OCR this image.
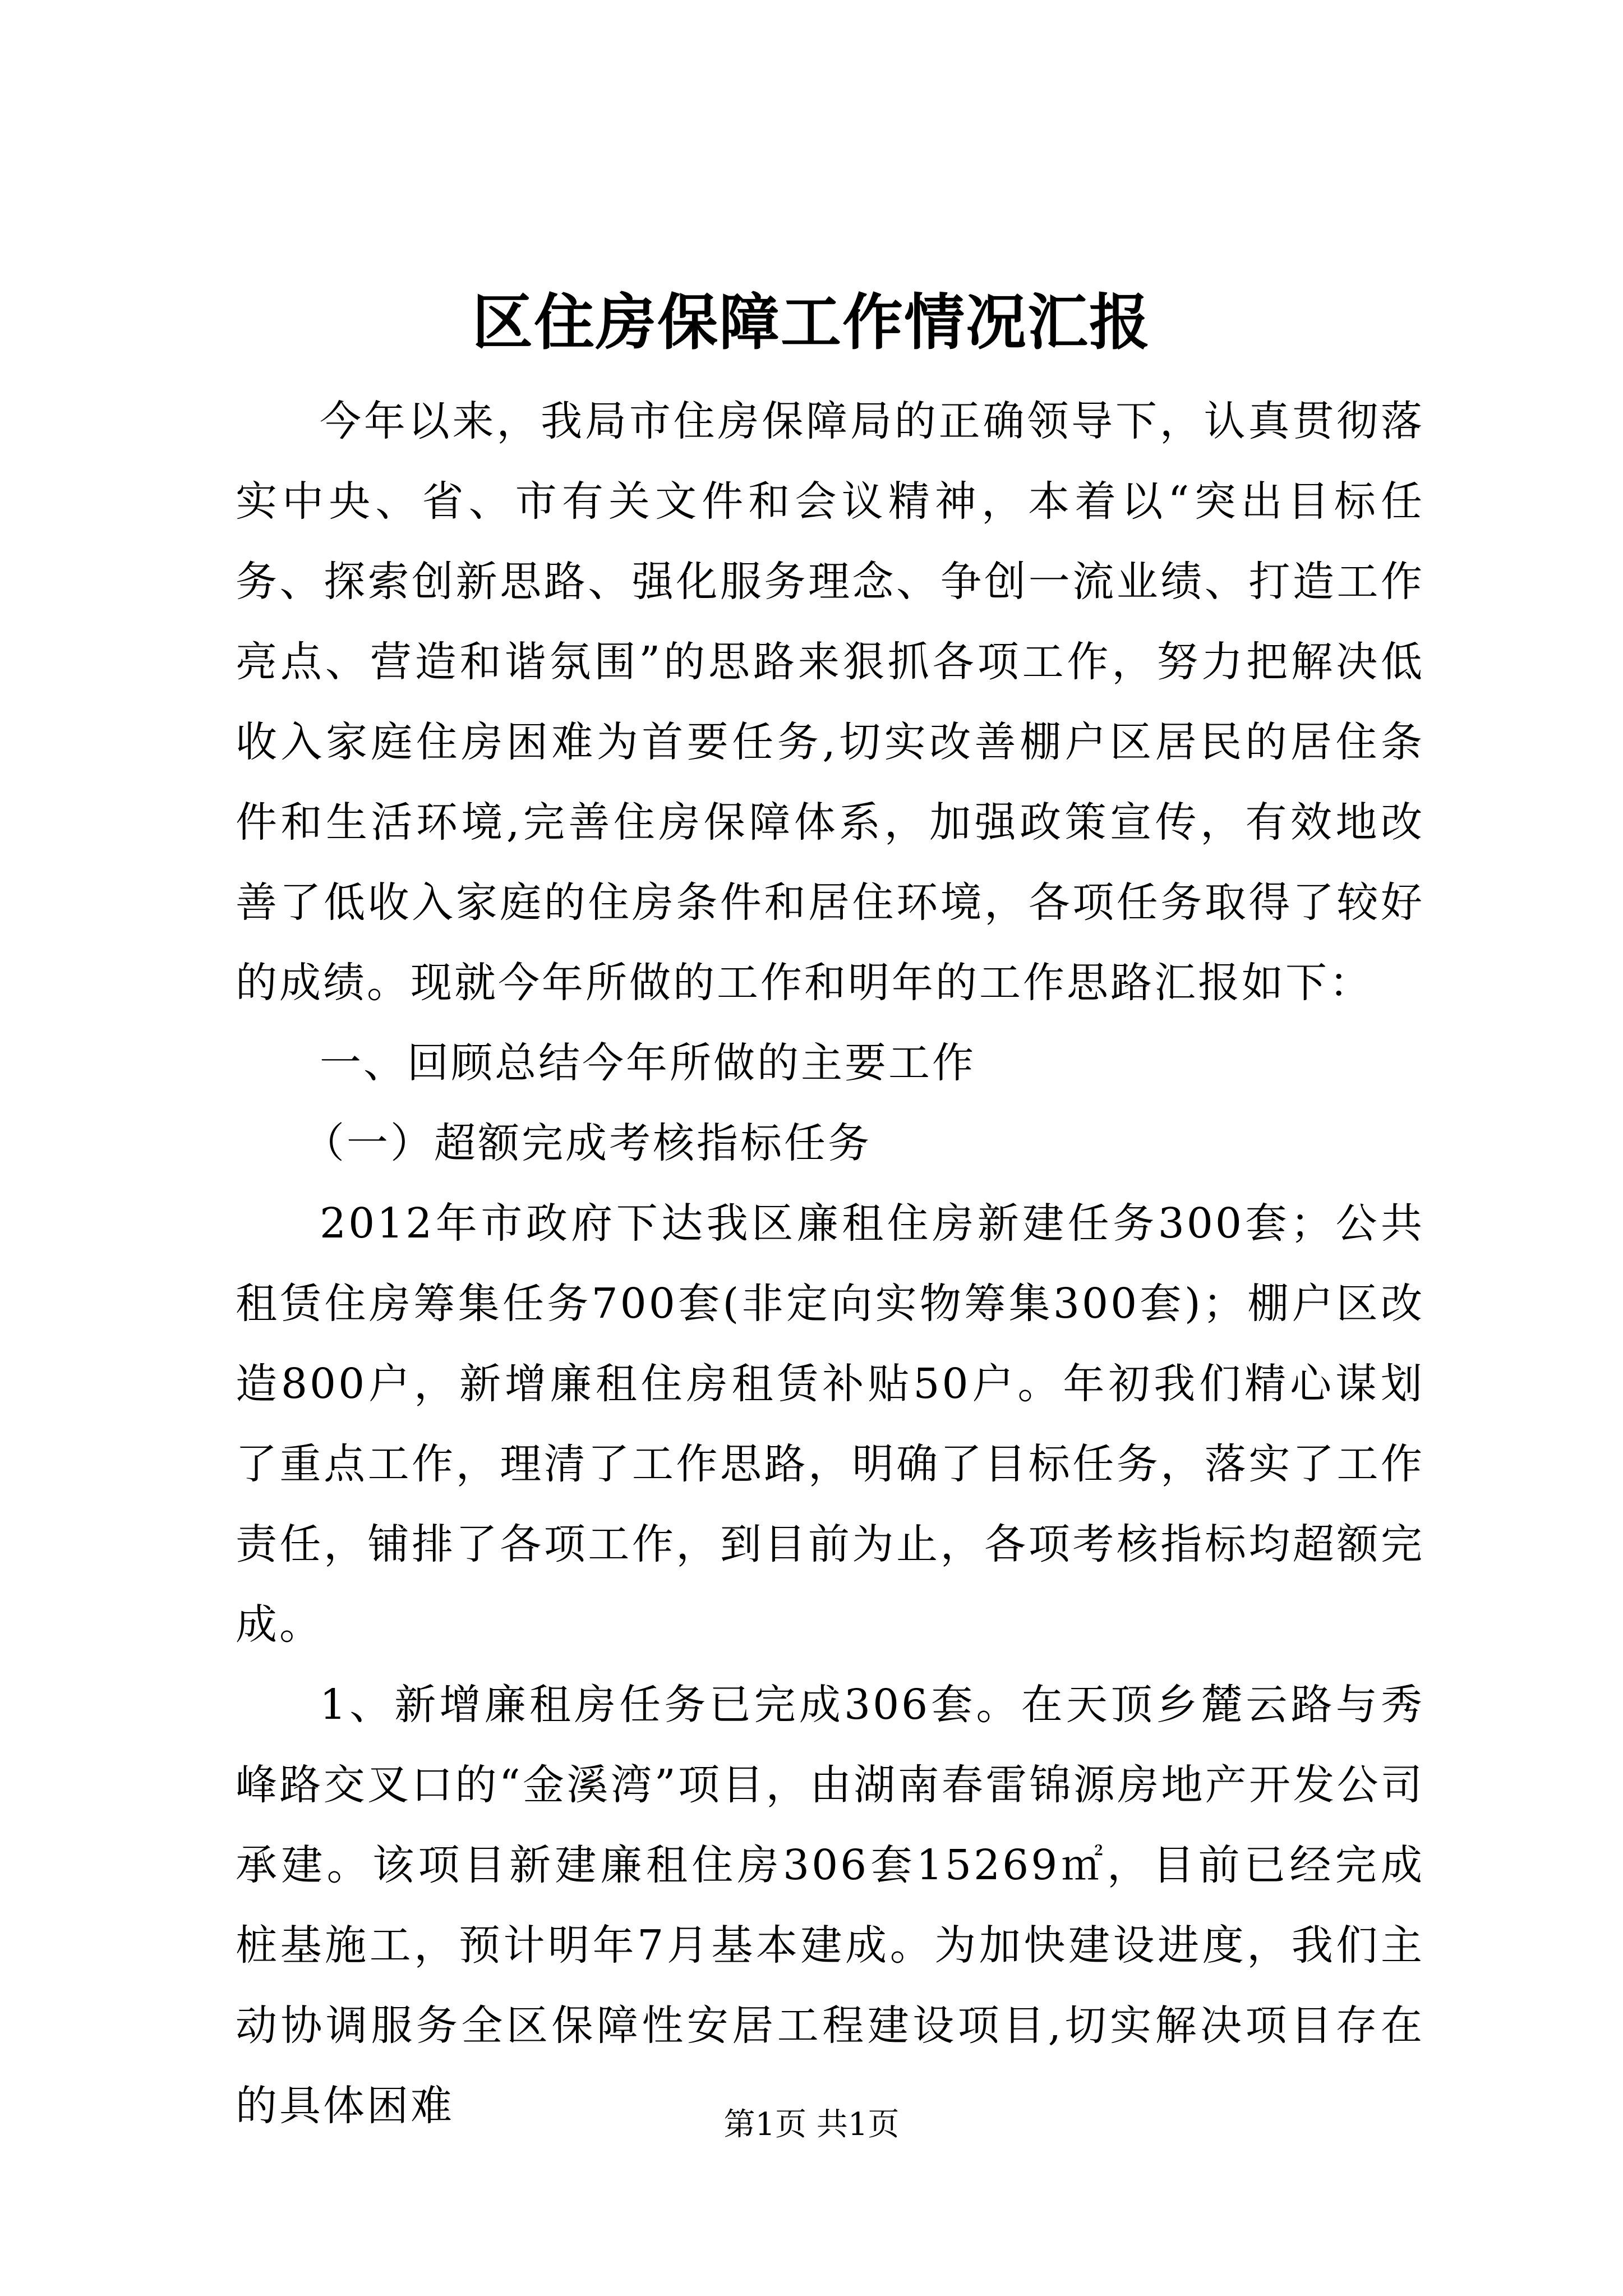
区住房保障工作情况汇报

今年以来，我局市住房保障局的正确领导下，认真贯彻落实中央、省、市有关文件和会议精神，本着以“突出目标任务、探索创新思路、强化服务理念、争创一流业绩、打造工作亮点、营造和谐氛围”的思路来狠抓各项工作，努力把解决低收入家庭住房困难为首要任务,切实改善棚户区居民的居住条件和生活环境,完善住房保障体系，加强政策宣传，有效地改善了低收入家庭的住房条件和居住环境，各项任务取得了较好的成绩。现就今年所做的工作和明年的工作思路汇报如下：

一、回顾总结今年所做的主要工作

（一）超额完成考核指标任务

2012年市政府下达我区廉租住房新建任务300套；公共租赁住房筹集任务700套(非定向实物筹集300套)；棚户区改造800户，新增廉租住房租赁补贴50户。年初我们精心谋划了重点工作，理清了工作思路，明确了目标任务，落实了工作责任，铺排了各项工作，到目前为止，各项考核指标均超额完成。

1、新增廉租房任务已完成306套。在天顶乡麓云路与秀峰路交叉口的“金溪湾”项目，由湖南春雷锦源房地产开发公司承建。该项目新建廉租住房306套15269㎡，目前已经完成桩基施工，预计明年7月基本建成。为加快建设进度，我们主动协调服务全区保障性安居工程建设项目,切实解决项目存在的具体困难	第1页 共1页
